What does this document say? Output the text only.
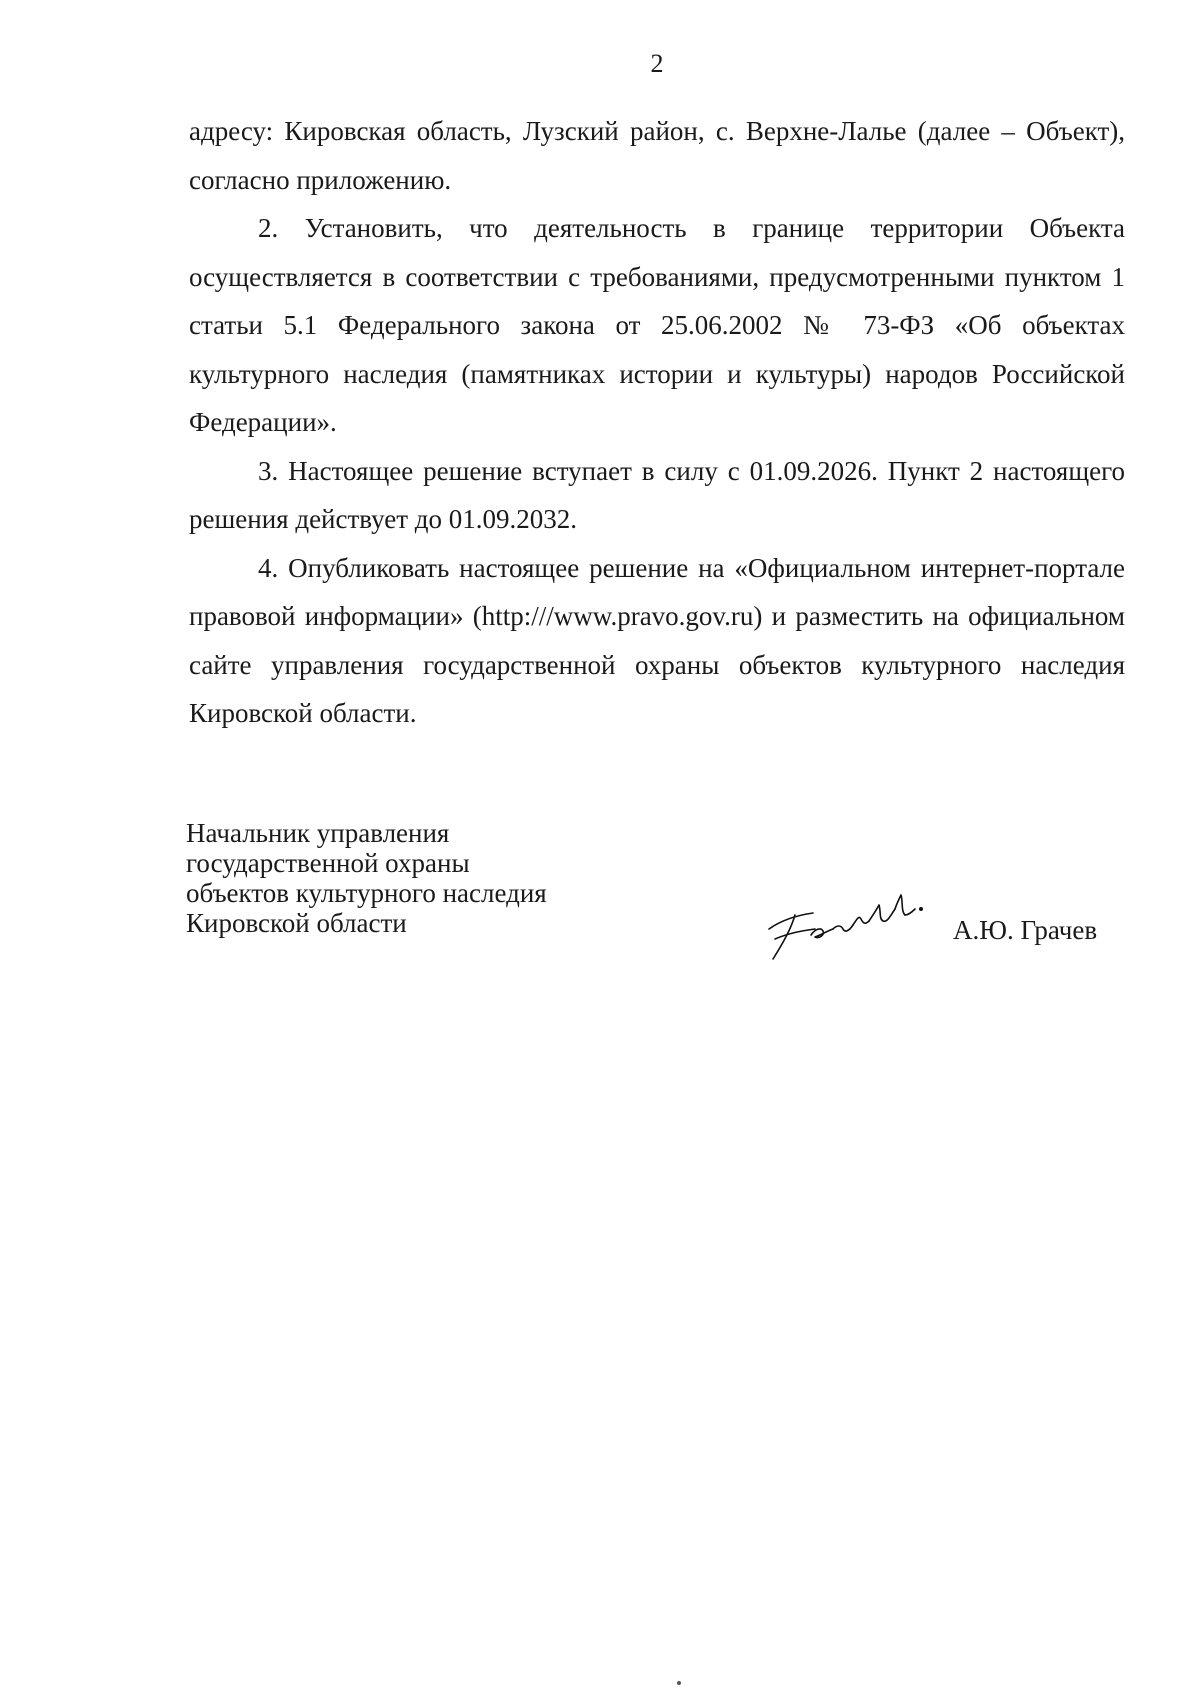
2

адресу: Кировская область, Лузский район, с. Верхне-Лалье (далее – Объект), согласно приложению.

2. Установить, что деятельность в границе территории Объекта осуществляется в соответствии с требованиями, предусмотренными пунктом 1 статьи 5.1 Федерального закона от 25.06.2002 № 73-ФЗ «Об объектах культурного наследия (памятниках истории и культуры) народов Российской Федерации».

3. Настоящее решение вступает в силу с 01.09.2026. Пункт 2 настоящего решения действует до 01.09.2032.

4. Опубликовать настоящее решение на «Официальном интернет-портале правовой информации» (http:///www.pravo.gov.ru) и разместить на официальном сайте управления государственной охраны объектов культурного наследия Кировской области.

Начальник управления
государственной охраны
объектов культурного наследия
Кировской области	А.Ю. Грачев
